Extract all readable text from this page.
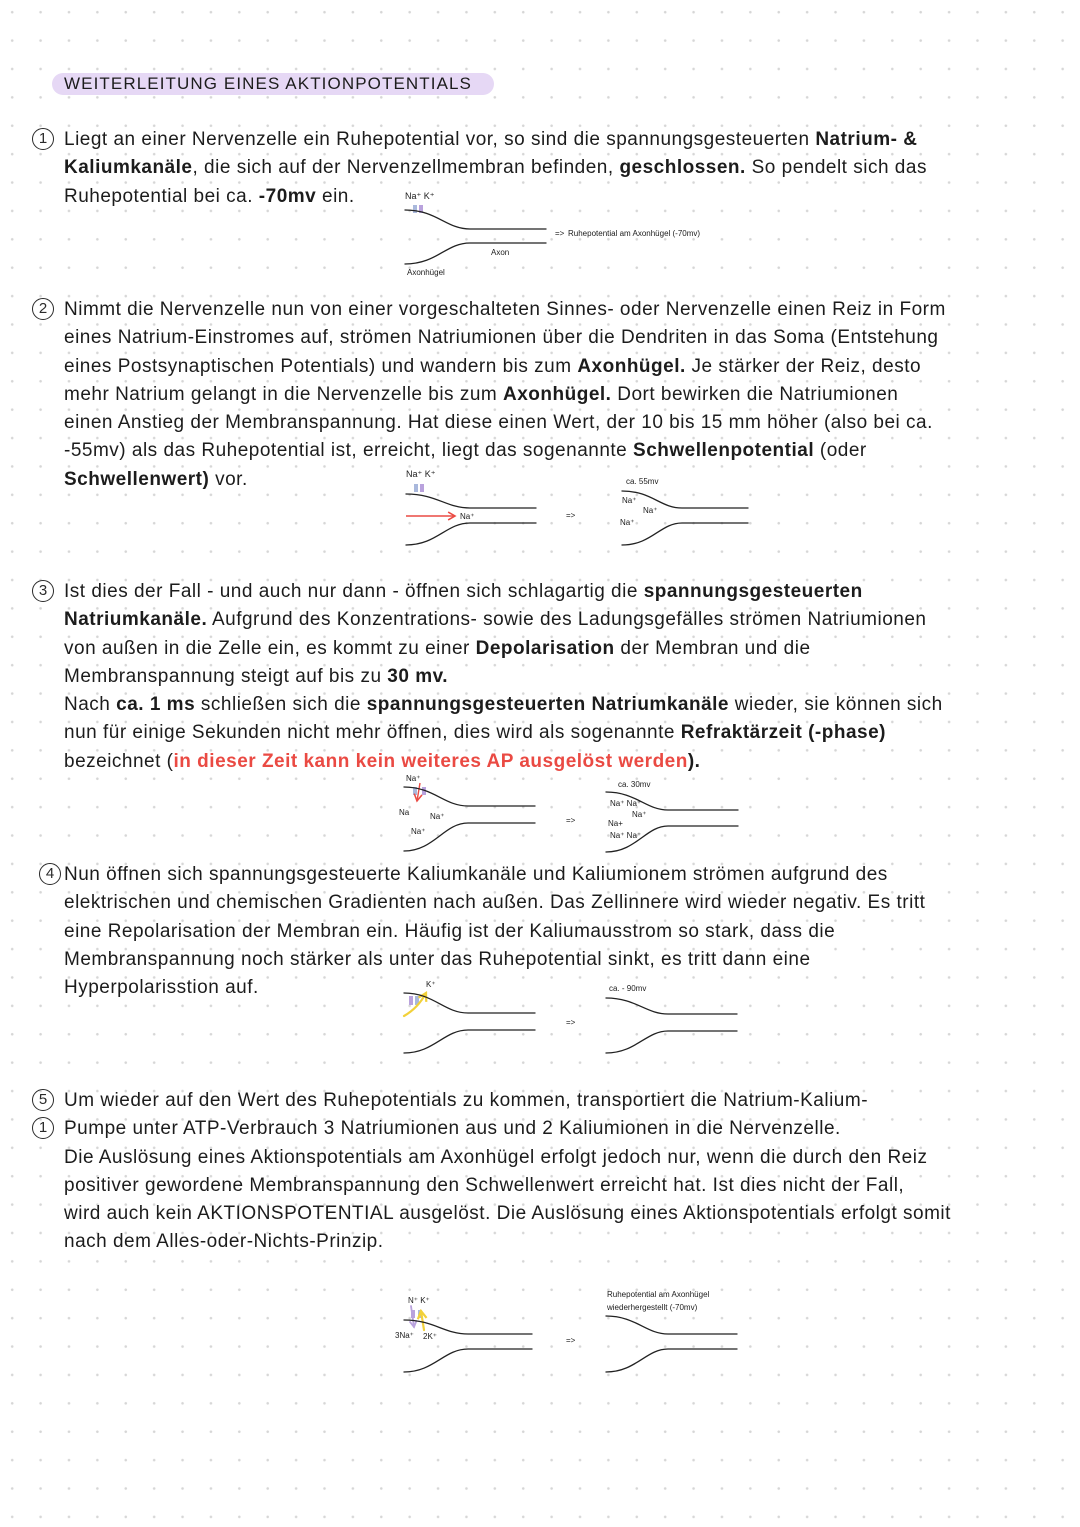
WEITERLEITUNG EINES AKTIONPOTENTIALS
1
2
3
4
5
1
Liegt an einer Nervenzelle ein Ruhepotential vor, so sind die spannungsgesteuerten Natrium- &
Kaliumkanäle, die sich auf der Nervenzellmembran befinden, geschlossen. So pendelt sich das
Ruhepotential bei ca. -70mv ein.
Nimmt die Nervenzelle nun von einer vorgeschalteten Sinnes- oder Nervenzelle einen Reiz in Form
eines Natrium-Einstromes auf, strömen Natriumionen über die Dendriten in das Soma (Entstehung
eines Postsynaptischen Potentials) und wandern bis zum Axonhügel. Je stärker der Reiz, desto
mehr Natrium gelangt in die Nervenzelle bis zum Axonhügel. Dort bewirken die Natriumionen
einen Anstieg der Membranspannung. Hat diese einen Wert, der 10 bis 15 mm höher (also bei ca.
-55mv) als das Ruhepotential ist, erreicht, liegt das sogenannte Schwellenpotential (oder
Schwellenwert) vor.
Ist dies der Fall - und auch nur dann - öffnen sich schlagartig die spannungsgesteuerten
Natriumkanäle. Aufgrund des Konzentrations- sowie des Ladungsgefälles strömen Natriumionen
von außen in die Zelle ein, es kommt zu einer Depolarisation der Membran und die
Membranspannung steigt auf bis zu 30 mv.
Nach ca. 1 ms schließen sich die spannungsgesteuerten Natriumkanäle wieder, sie können sich
nun für einige Sekunden nicht mehr öffnen, dies wird als sogenannte Refraktärzeit (-phase)
bezeichnet (in dieser Zeit kann kein weiteres AP ausgelöst werden).
Nun öffnen sich spannungsgesteuerte Kaliumkanäle und Kaliumionem strömen aufgrund des
elektrischen und chemischen Gradienten nach außen. Das Zellinnere wird wieder negativ. Es tritt
eine Repolarisation der Membran ein. Häufig ist der Kaliumausstrom so stark, dass die
Membranspannung noch stärker als unter das Ruhepotential sinkt, es tritt dann eine
Hyperpolarisstion auf.
Um wieder auf den Wert des Ruhepotentials zu kommen, transportiert die Natrium-Kalium-
Pumpe unter ATP-Verbrauch 3 Natriumionen aus und 2 Kaliumionen in die Nervenzelle.
Die Auslösung eines Aktionspotentials am Axonhügel erfolgt jedoch nur, wenn die durch den Reiz
positiver gewordene Membranspannung den Schwellenwert erreicht hat. Ist dies nicht der Fall,
wird auch kein AKTIONSPOTENTIAL ausgelöst. Die Auslösung eines Aktionspotentials erfolgt somit
nach dem Alles-oder-Nichts-Prinzip.
Na⁺ K⁺
Axon
Axonhügel
=> Ruhepotential am Axonhügel (-70mv)
Na⁺ K⁺
Na⁺	=>
ca. 55mv
Na⁺
Na⁺
Na⁺
Na⁺
Na	Na⁺
Na⁺
=>
ca. 30mv
Na⁺ Na⁺
Na⁺
Na+
Na⁺ Na⁺
K⁺
=>
ca. - 90mv
N⁺ K⁺
3Na⁺ 2K⁺	=>
Ruhepotential am Axonhügel
wiederhergestellt (-70mv)
